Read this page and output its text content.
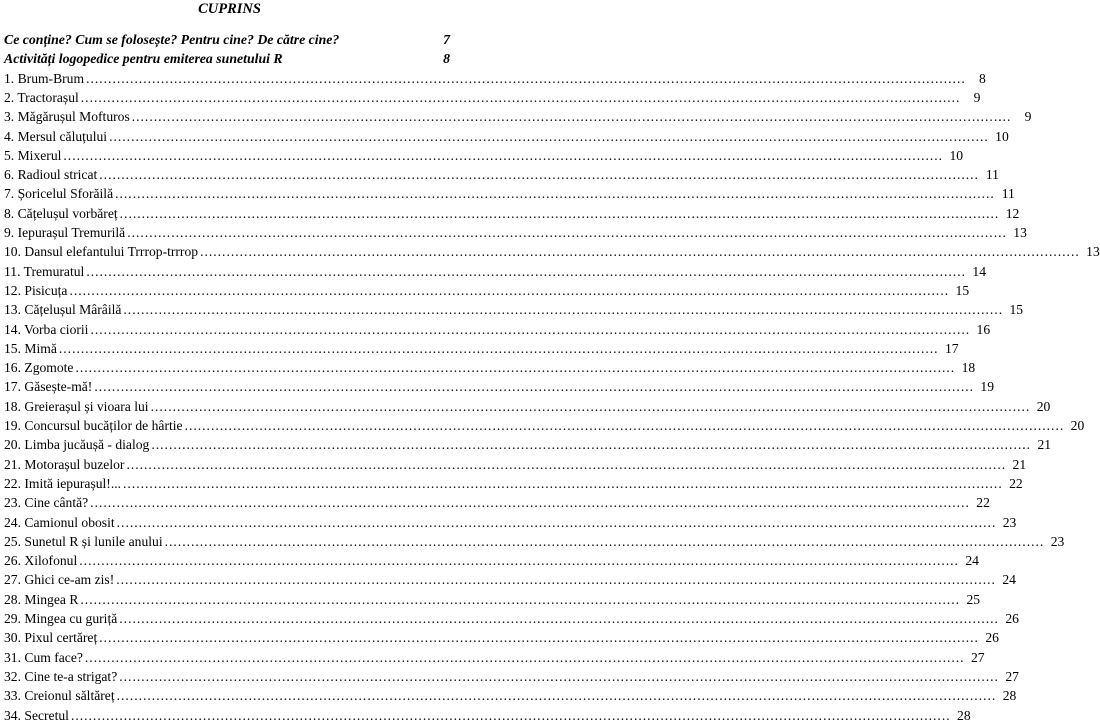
CUPRINS
Ce conține? Cum se folosește? Pentru cine? De către cine?	7
Activități logopedice pentru emiterea sunetului R	8
1. Brum-Brum ........................................................................................................................................................................................................ 8
2. Tractorașul ........................................................................................................................................................................................................ 9
3. Măgărușul Mofturos ........................................................................................................................................................................................................ 9
4. Mersul căluțului ........................................................................................................................................................................................................ 10
5. Mixerul ........................................................................................................................................................................................................ 10
6. Radioul stricat ........................................................................................................................................................................................................ 11
7. Șoricelul Sforăilă ........................................................................................................................................................................................................ 11
8. Cățelușul vorbăreț ........................................................................................................................................................................................................ 12
9. Iepurașul Tremurilă ........................................................................................................................................................................................................ 13
10. Dansul elefantului Trrrop-trrrop ........................................................................................................................................................................................................ 13
11. Tremuratul ........................................................................................................................................................................................................ 14
12. Pisicuța ........................................................................................................................................................................................................ 15
13. Cățelușul Mârâilă ........................................................................................................................................................................................................ 15
14. Vorba ciorii ........................................................................................................................................................................................................ 16
15. Mimă ........................................................................................................................................................................................................ 17
16. Zgomote ........................................................................................................................................................................................................ 18
17. Găsește-mă! ........................................................................................................................................................................................................ 19
18. Greierașul și vioara lui ........................................................................................................................................................................................................ 20
19. Concursul bucăților de hârtie ........................................................................................................................................................................................................ 20
20. Limba jucăușă - dialog ........................................................................................................................................................................................................ 21
21. Motorașul buzelor ........................................................................................................................................................................................................ 21
22. Imită iepurașul!... ........................................................................................................................................................................................................ 22
23. Cine cântă? ........................................................................................................................................................................................................ 22
24. Camionul obosit ........................................................................................................................................................................................................ 23
25. Sunetul R și lunile anului ........................................................................................................................................................................................................ 23
26. Xilofonul ........................................................................................................................................................................................................ 24
27. Ghici ce-am zis! ........................................................................................................................................................................................................ 24
28. Mingea R ........................................................................................................................................................................................................ 25
29. Mingea cu guriță ........................................................................................................................................................................................................ 26
30. Pixul certăreț ........................................................................................................................................................................................................ 26
31. Cum face? ........................................................................................................................................................................................................ 27
32. Cine te-a strigat? ........................................................................................................................................................................................................ 27
33. Creionul săltăreț ........................................................................................................................................................................................................ 28
34. Secretul ........................................................................................................................................................................................................ 28
